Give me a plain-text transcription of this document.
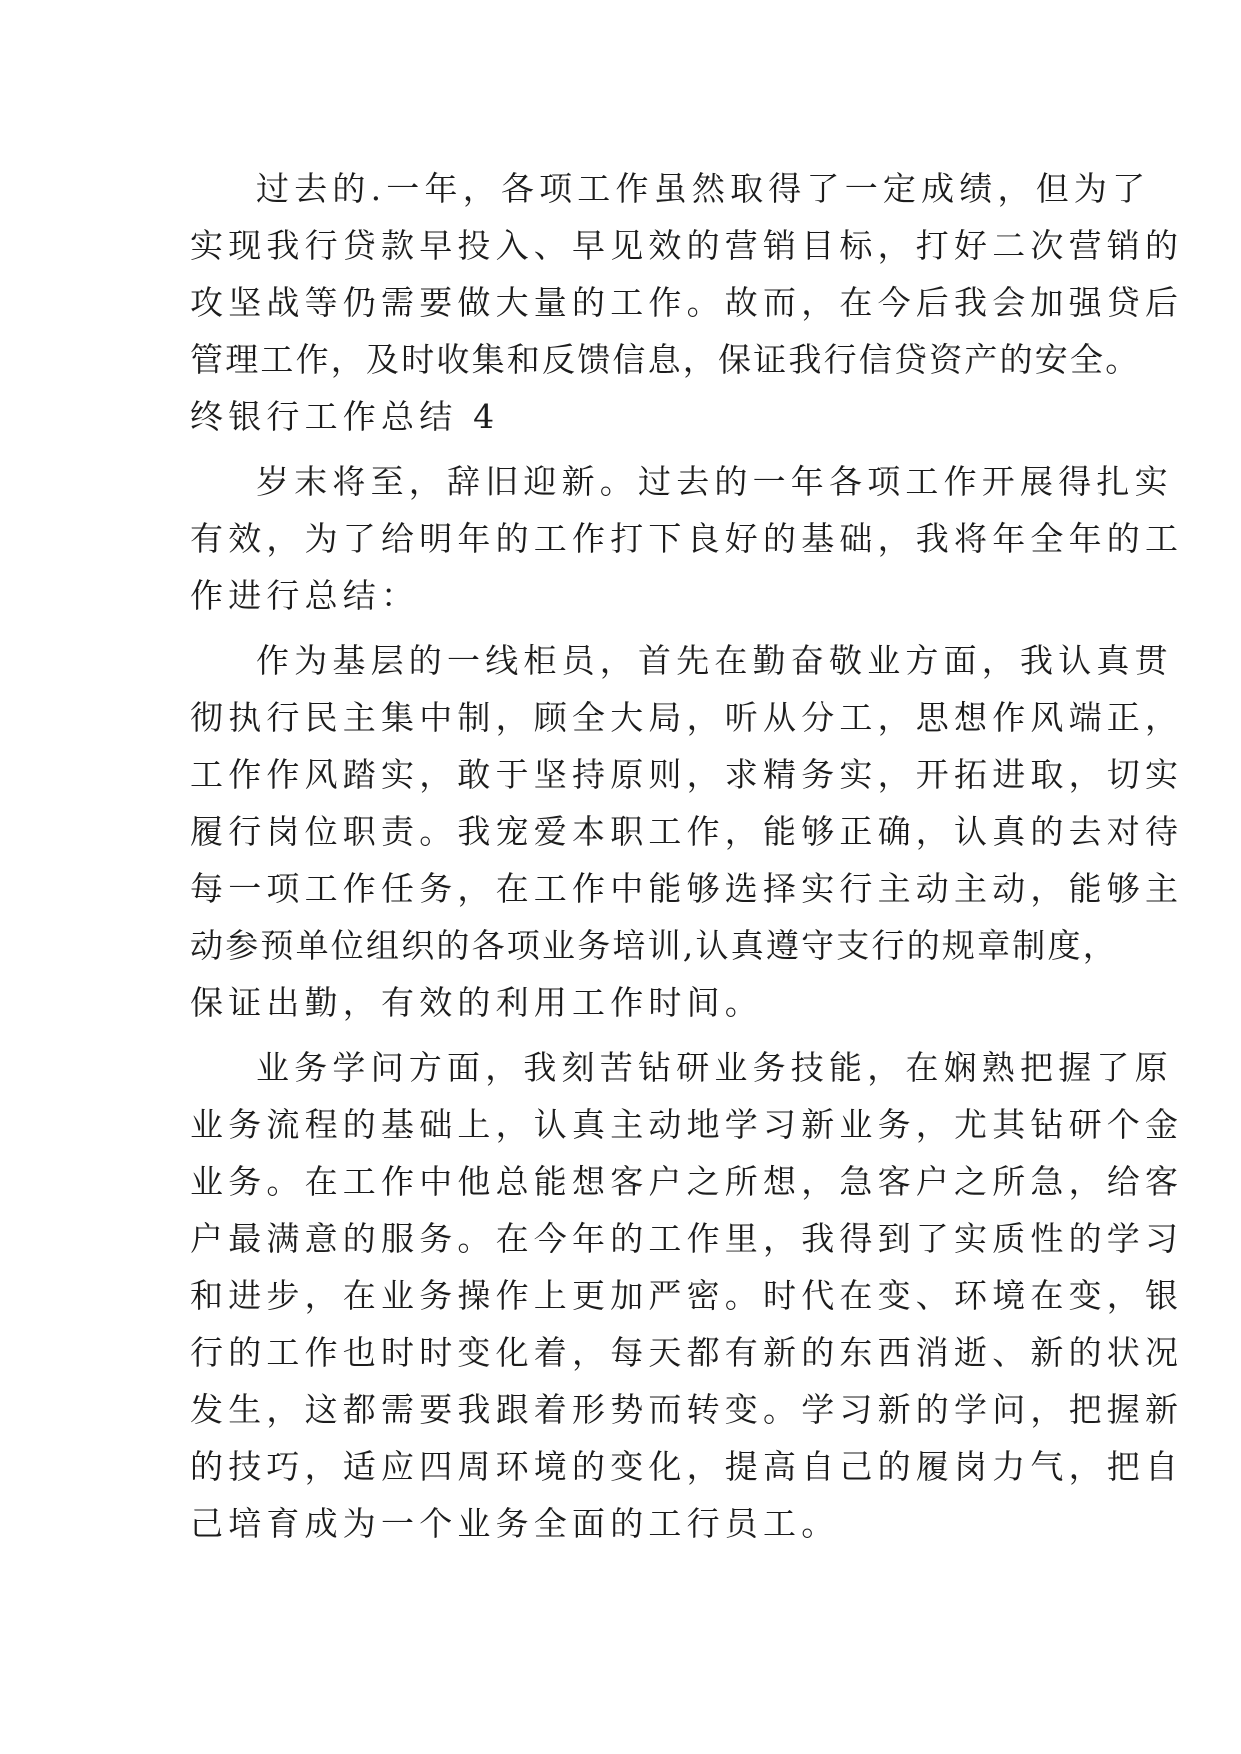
过去的.一年，各项工作虽然取得了一定成绩，但为了
实现我行贷款早投入、早见效的营销目标，打好二次营销的
攻坚战等仍需要做大量的工作。故而，在今后我会加强贷后
管理工作，及时收集和反馈信息，保证我行信贷资产的安全。
终银行工作总结 4
岁末将至，辞旧迎新。过去的一年各项工作开展得扎实
有效，为了给明年的工作打下良好的基础，我将年全年的工
作进行总结：
作为基层的一线柜员，首先在勤奋敬业方面，我认真贯
彻执行民主集中制，顾全大局，听从分工，思想作风端正，
工作作风踏实，敢于坚持原则，求精务实，开拓进取，切实
履行岗位职责。我宠爱本职工作，能够正确，认真的去对待
每一项工作任务，在工作中能够选择实行主动主动，能够主
动参预单位组织的各项业务培训,认真遵守支行的规章制度，
保证出勤，有效的利用工作时间。
业务学问方面，我刻苦钻研业务技能，在娴熟把握了原
业务流程的基础上，认真主动地学习新业务，尤其钻研个金
业务。在工作中他总能想客户之所想，急客户之所急，给客
户最满意的服务。在今年的工作里，我得到了实质性的学习
和进步，在业务操作上更加严密。时代在变、环境在变，银
行的工作也时时变化着，每天都有新的东西消逝、新的状况
发生，这都需要我跟着形势而转变。学习新的学问，把握新
的技巧，适应四周环境的变化，提高自己的履岗力气，把自
己培育成为一个业务全面的工行员工。
